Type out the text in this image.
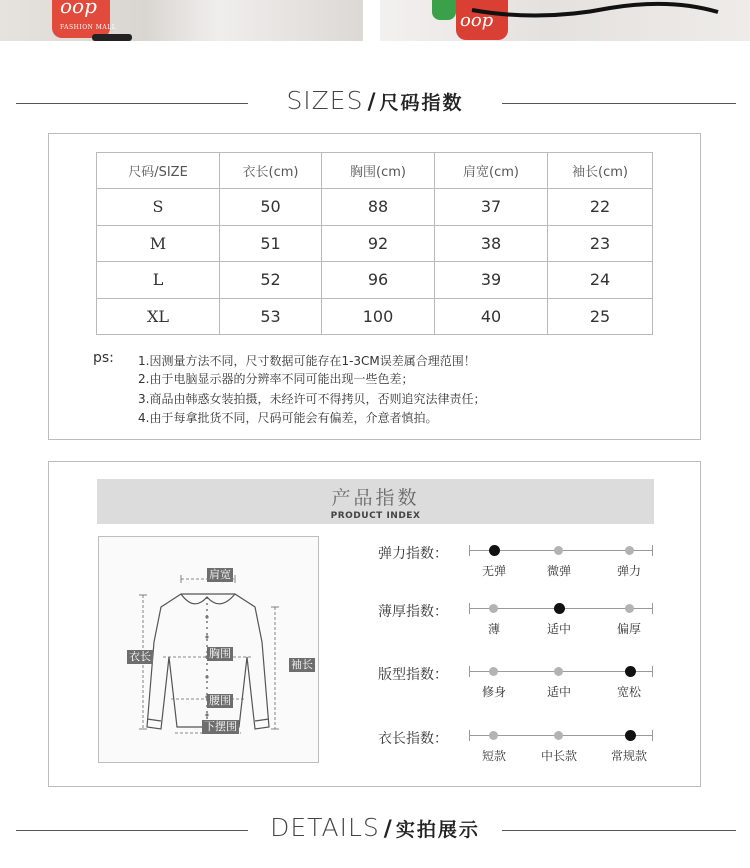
oop
FASHION MALL	oop
SIZES / 尺码指数
尺码/SIZE	衣长(cm)	胸围(cm)	肩宽(cm)	袖长(cm)
S	50	88	37	22
M	51	92	38	23
L	52	96	39	24
XL	53	100	40	25
ps: 1.因测量方法不同，尺寸数据可能存在1-3CM误差属合理范围！
2.由于电脑显示器的分辨率不同可能出现一些色差；
3.商品由韩惑女装拍摄，未经许可不得拷贝，否则追究法律责任；
4.由于每拿批货不同，尺码可能会有偏差，介意者慎拍。
产品指数
PRODUCT INDEX
肩宽
胸围
腰围
下摆围
衣长
袖长
弹力指数：
无弹	微弹	弹力
薄厚指数：
薄	适中	偏厚
版型指数：
修身	适中	宽松
衣长指数：
短款	中长款	常规款
DETAILS / 实拍展示
